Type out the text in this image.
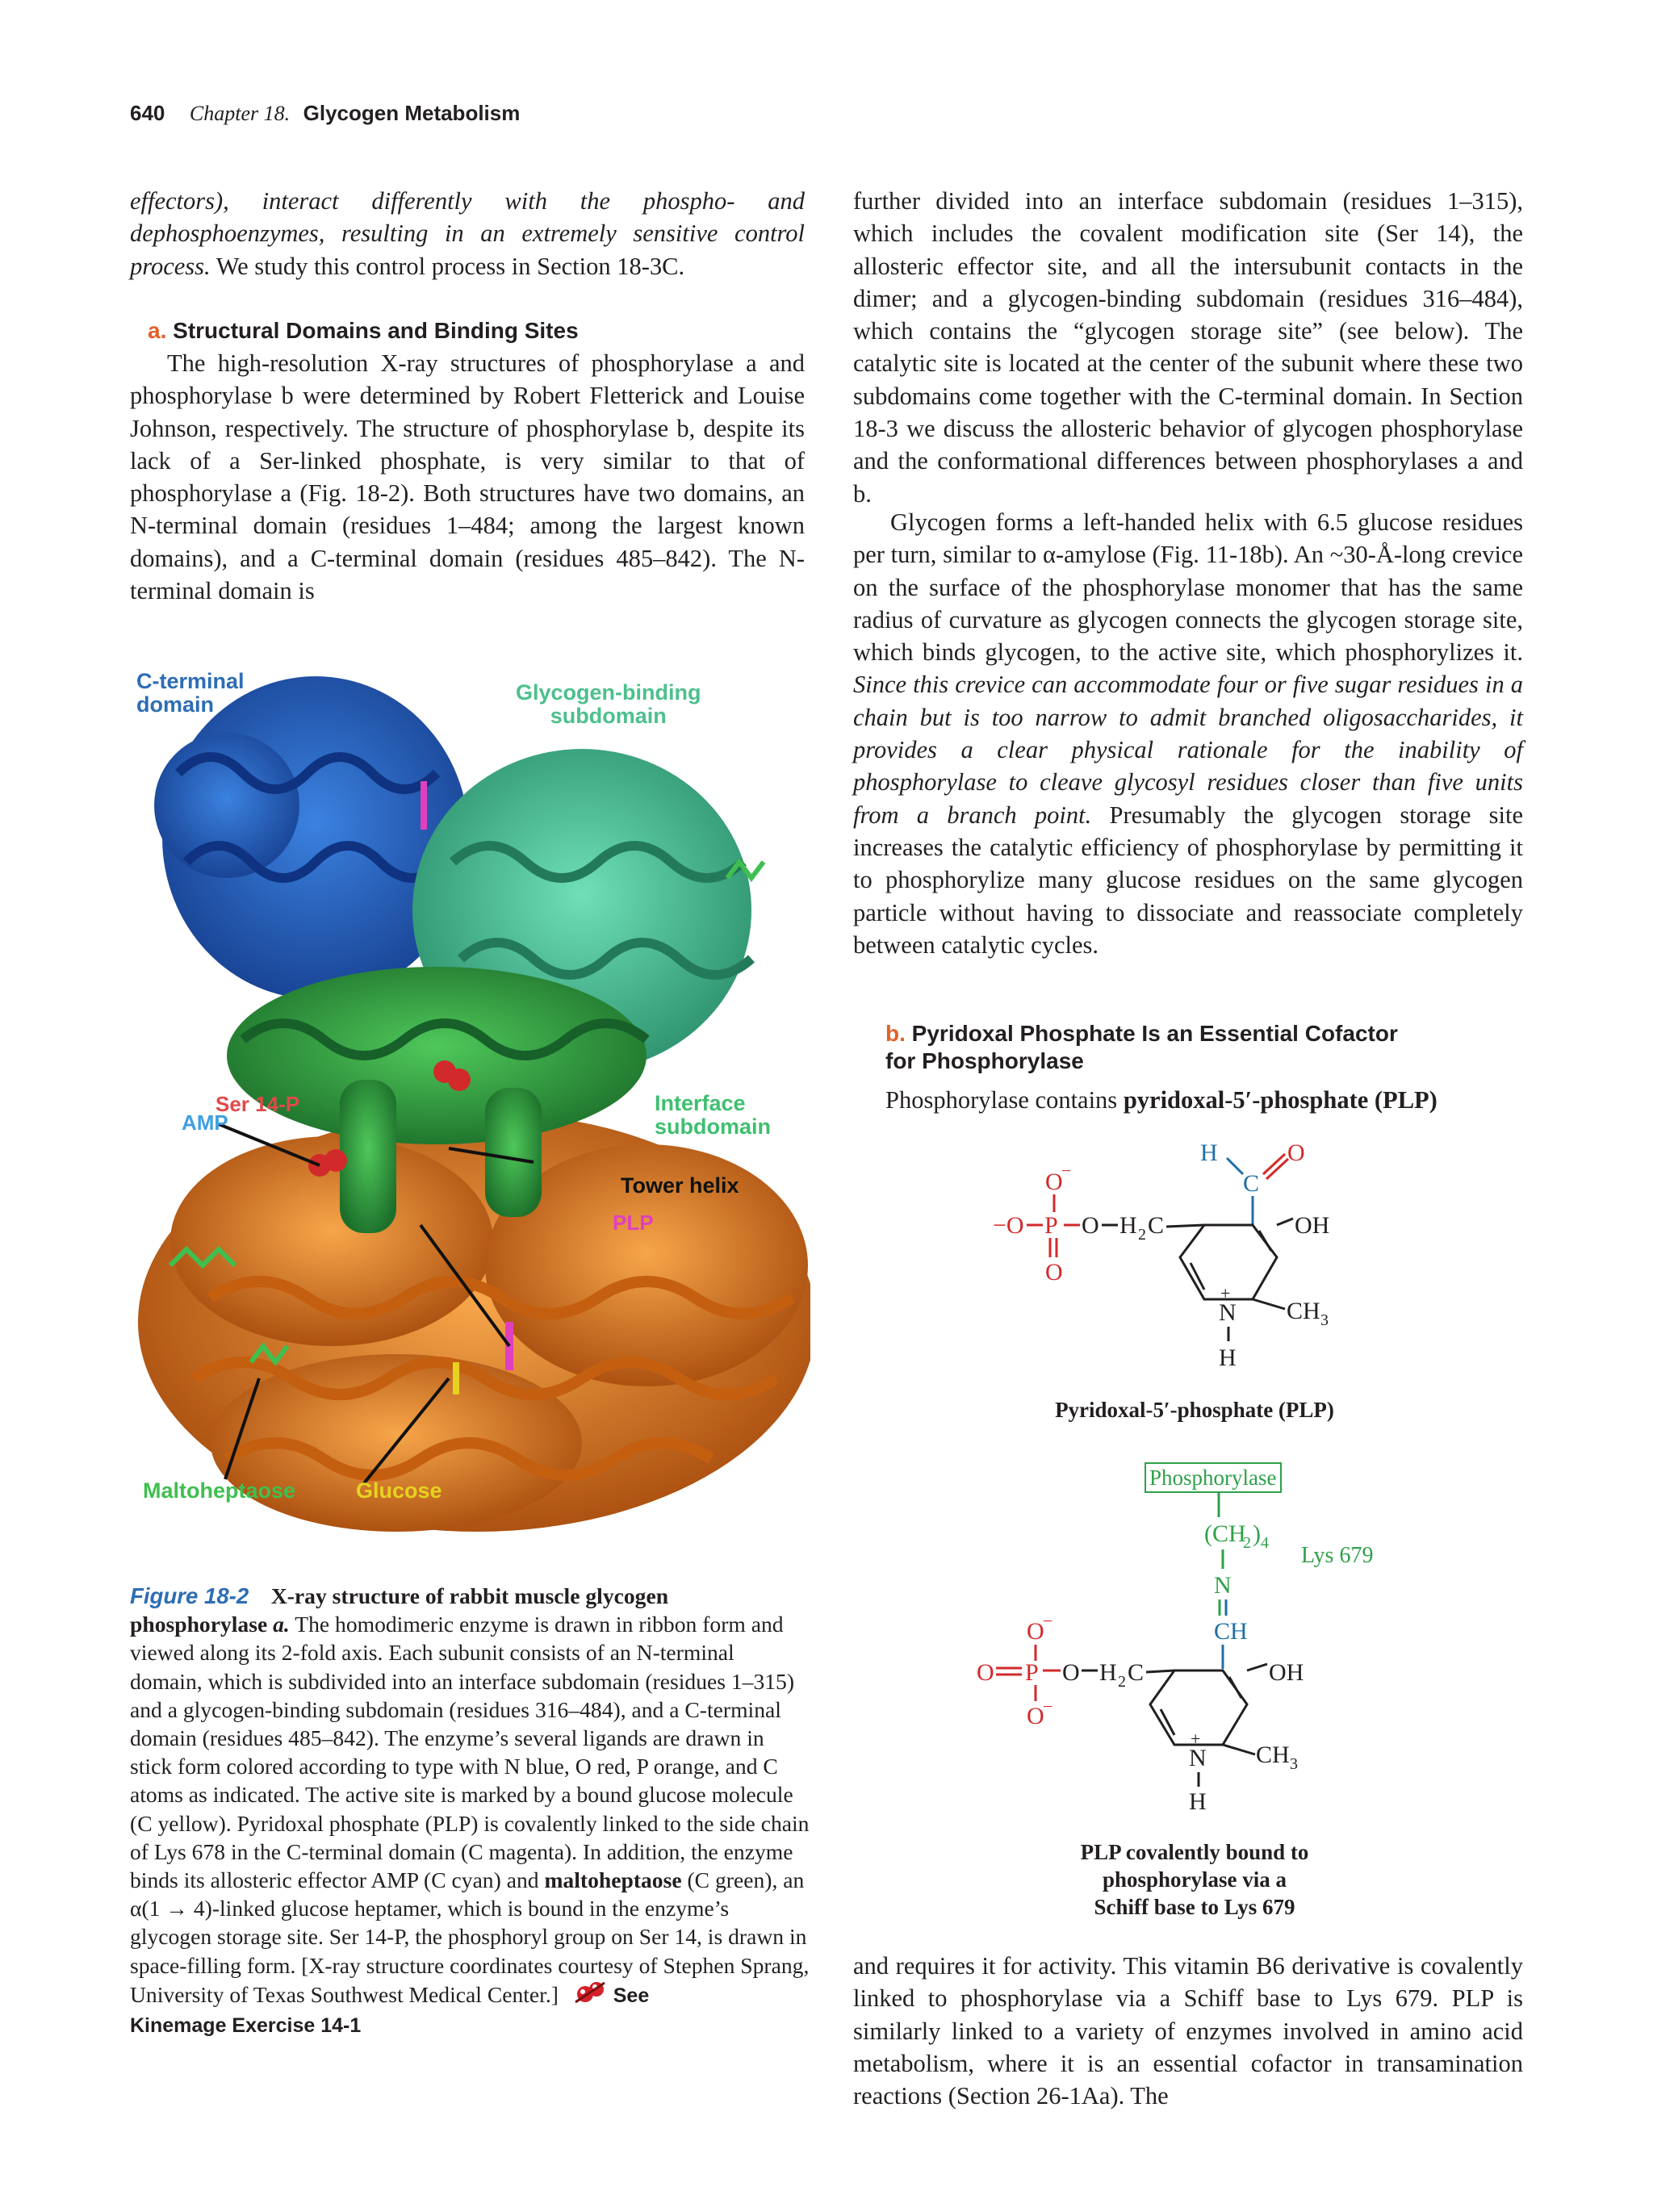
640 Chapter 18. Glycogen Metabolism

effectors), interact differently with the phospho- and dephosphoenzymes, resulting in an extremely sensitive control process. We study this control process in Section 18-3C.

a. Structural Domains and Binding Sites

The high-resolution X-ray structures of phosphorylase a and phosphorylase b were determined by Robert Fletterick and Louise Johnson, respectively. The structure of phosphorylase b, despite its lack of a Ser-linked phosphate, is very similar to that of phosphorylase a (Fig. 18-2). Both structures have two domains, an N-terminal domain (residues 1–484; among the largest known domains), and a C-terminal domain (residues 485–842). The N-terminal domain is

C-terminal
domain	Glycogen-binding
subdomain
Ser 14-P
AMP
Interface
subdomain
Tower helix
PLP
Maltoheptaose	Glucose

Figure 18-2 X-ray structure of rabbit muscle glycogen phosphorylase a. The homodimeric enzyme is drawn in ribbon form and viewed along its 2-fold axis. Each subunit consists of an N-terminal domain, which is subdivided into an interface subdomain (residues 1–315) and a glycogen-binding subdomain (residues 316–484), and a C-terminal domain (residues 485–842). The enzyme’s several ligands are drawn in stick form colored according to type with N blue, O red, P orange, and C atoms as indicated. The active site is marked by a bound glucose molecule (C yellow). Pyridoxal phosphate (PLP) is covalently linked to the side chain of Lys 678 in the C-terminal domain (C magenta). In addition, the enzyme binds its allosteric effector AMP (C cyan) and maltoheptaose (C green), an α(1 → 4)-linked glucose heptamer, which is bound in the enzyme’s glycogen storage site. Ser 14-P, the phosphoryl group on Ser 14, is drawn in space-filling form. [X-ray structure coordinates courtesy of Stephen Sprang, University of Texas Southwest Medical Center.]	See
Kinemage Exercise 14-1

further divided into an interface subdomain (residues 1–315), which includes the covalent modification site (Ser 14), the allosteric effector site, and all the intersubunit contacts in the dimer; and a glycogen-binding subdomain (residues 316–484), which contains the “glycogen storage site” (see below). The catalytic site is located at the center of the subunit where these two subdomains come together with the C-terminal domain. In Section 18-3 we discuss the allosteric behavior of glycogen phosphorylase and the conformational differences between phosphorylases a and b.

Glycogen forms a left-handed helix with 6.5 glucose residues per turn, similar to α-amylose (Fig. 11-18b). An ~30-Å-long crevice on the surface of the phosphorylase monomer that has the same radius of curvature as glycogen connects the glycogen storage site, which binds glycogen, to the active site, which phosphorylizes it. Since this crevice can accommodate four or five sugar residues in a chain but is too narrow to admit branched oligosaccharides, it provides a clear physical rationale for the inability of phosphorylase to cleave glycosyl residues closer than five units from a branch point. Presumably the glycogen storage site increases the catalytic efficiency of phosphorylase by permitting it to phosphorylize many glucose residues on the same glycogen particle without having to dissociate and reassociate completely between catalytic cycles.

b. Pyridoxal Phosphate Is an Essential Cofactor
for Phosphorylase

Phosphorylase contains pyridoxal-5′-phosphate (PLP)

H	O
C
O
−
−O P O H 2 C
O
OH
CH 3
+
N
H
Pyridoxal-5′-phosphate (PLP)
Phosphorylase
Lys 679
(CH
2 ) 4
N
CH
O
−
O P O H 2 C
O
−
OH
CH 3
+
N
H
PLP covalently bound to
phosphorylase via a
Schiff base to Lys 679

and requires it for activity. This vitamin B6 derivative is covalently linked to phosphorylase via a Schiff base to Lys 679. PLP is similarly linked to a variety of enzymes involved in amino acid metabolism, where it is an essential cofactor in transamination reactions (Section 26-1Aa). The
